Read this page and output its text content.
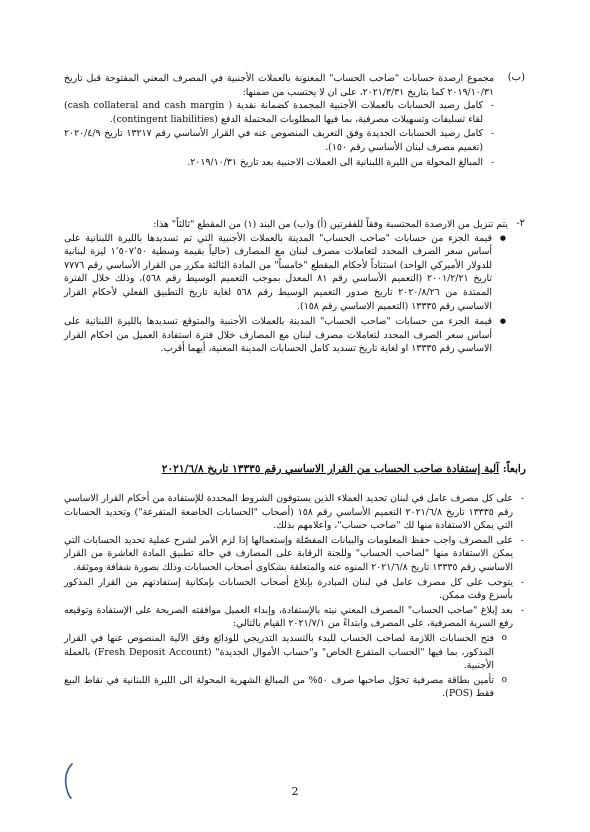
(ب)
مجموع ارصدة حسابات "صاحب الحساب" المعنونة بالعملات الأجنبية في المصرف المعني المفتوحة قبل تاريخ ٢٠١٩/١٠/٣١ كما بتاريخ ٢٠٢١/٣/٣١، على ان لا يحتسب من ضمنها:
- كامل رصيد الحسابات بالعملات الأجنبية المجمدة كضمانة نقدية ( cash collateral and cash margin) لقاء تسليفات وتسهيلات مصرفية، بما فيها المطلوبات المحتملة الدفع (contingent liabilities).
- كامل رصيد الحسابات الجديدة وفق التعريف المنصوص عنه في القرار الأساسي رقم ١٣٢١٧ تاريخ ٢٠٢٠/٤/٩ (تعميم مصرف لبنان الأساسي رقم ١٥٠).
- المبالغ المحولة من الليرة اللبنانية الى العملات الاجنبية بعد تاريخ ٢٠١٩/١٠/٣١.
٢-
يتم تنزيل من الارصدة المحتسبة وفقاً للفقرتين (أ) و(ب) من البند (١) من المقطع "ثالثاً" هذا:
● قيمة الجزء من حسابات "صاحب الحساب" المدينة بالعملات الأجنبية التي تم تسديدها بالليرة اللبنانية على أساس سعر الصرف المحدد لتعاملات مصرف لبنان مع المصارف (حالياً بقيمة وسطية ١٬٥٠٧٬٥٠ ليرة لبنانية للدولار الأميركي الواحد) استناداً لأحكام المقطع "خامساً" من المادة الثالثة مكرر من القرار الأساسي رقم ٧٧٧٦ تاريخ ٢٠٠١/٢/٢١ (التعميم الأساسي رقم ٨١ المعدل بموجب التعميم الوسيط رقم ٥٦٨)، وذلك خلال الفترة الممتدة من ٢٠٢٠/٨/٢٦ تاريخ صدور التعميم الوسيط رقم ٥٦٨ لغاية تاريخ التطبيق الفعلي لأحكام القرار الاساسي رقم ١٣٣٣٥ (التعميم الاساسي رقم ١٥٨).
● قيمة الجزء من حسابات "صاحب الحساب" المدينة بالعملات الأجنبية والمتوقع تسديدها بالليرة اللبنانية على أساس سعر الصرف المحدد لتعاملات مصرف لبنان مع المصارف خلال فترة استفادة العميل من احكام القرار الاساسي رقم ١٣٣٣٥ او لغاية تاريخ تسديد كامل الحسابات المدينة المعنية، أيهما أقرب.
رابعاً: آلية إستفادة صاحب الحساب من القرار الاساسي رقم ١٣٣٣٥ تاريخ ٢٠٢١/٦/٨
- على كل مصرف عامل في لبنان تحديد العملاء الذين يستوفون الشروط المحددة للإستفادة من أحكام القرار الاساسي رقم ١٣٣٣٥ تاريخ ٢٠٢١/٦/٨ التعميم الأساسي رقم ١٥٨ (أصحاب "الحسابات الخاضعة المتفرعة") وتحديد الحسابات التي يمكن الاستفادة منها لك "صاحب حساب"، واعلامهم بذلك.
- على المصرف واجب حفظ المعلومات والبيانات المفصّلة وإستعمالها إذا لزم الأمر لشرح عملية تحديد الحسابات التي يمكن الاستفادة منها "لصاحب الحساب" وللجنة الرقابة على المصارف في حالة تطبيق المادة العاشرة من القرار الاساسي رقم ١٣٣٣٥ تاريخ ٢٠٢١/٦/٨ المنوه عنه والمتعلقة بشكاوى أصحاب الحسابات وذلك بصورة شفافة وموثقة.
- يتوجب على كل مصرف عامل في لبنان المبادرة بإبلاغ أصحاب الحسابات بإمكانية إستفادتهم من القرار المذكور بأسرع وقت ممكن.
- بعد إبلاغ "صاحب الحساب" المصرف المعني نيته بالإستفادة، وإبداء العميل موافقته الصريحة على الإستفادة وتوقيعه رفع السرية المصرفية، على المصرف وابتداءً من ٢٠٢١/٧/١ القيام بالتالي:
o فتح الحسابات اللازمة لصاحب الحساب للبدء بالتسديد التدريجي للودائع وفق الآلية المنصوص عنها في القرار المذكور، بما فيها "الحساب المتفرع الخاص" و"حساب الأموال الجديدة" (Fresh Deposit Account) بالعملة الأجنبية.
o تأمين بطاقة مصرفية تخوّل صاحبها صرف ٥٠% من المبالغ الشهرية المحولة الى الليرة اللبنانية في نقاط البيع فقط (POS).
2
